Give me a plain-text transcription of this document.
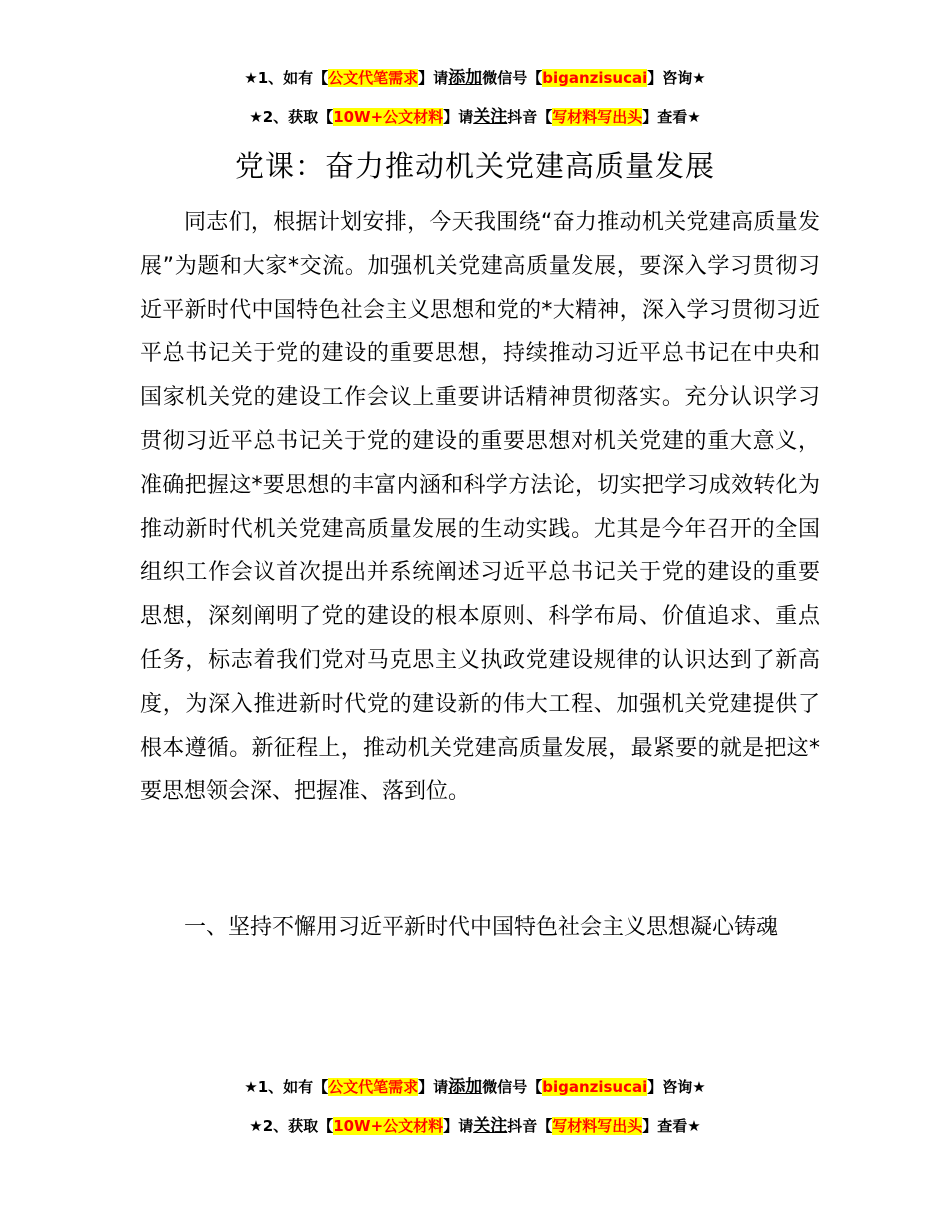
★1、如有【公文代笔需求】请添加微信号【biganzisucai】咨询★
★2、获取【10W+公文材料】请关注抖音【写材料写出头】查看★
党课：奋力推动机关党建高质量发展

同志们，根据计划安排，今天我围绕“奋力推动机关党建高质量发展”为题和大家*交流。加强机关党建高质量发展，要深入学习贯彻习近平新时代中国特色社会主义思想和党的*大精神，深入学习贯彻习近平总书记关于党的建设的重要思想，持续推动习近平总书记在中央和国家机关党的建设工作会议上重要讲话精神贯彻落实。充分认识学习贯彻习近平总书记关于党的建设的重要思想对机关党建的重大意义，准确把握这*要思想的丰富内涵和科学方法论，切实把学习成效转化为推动新时代机关党建高质量发展的生动实践。尤其是今年召开的全国组织工作会议首次提出并系统阐述习近平总书记关于党的建设的重要思想，深刻阐明了党的建设的根本原则、科学布局、价值追求、重点任务，标志着我们党对马克思主义执政党建设规律的认识达到了新高度，为深入推进新时代党的建设新的伟大工程、加强机关党建提供了根本遵循。新征程上，推动机关党建高质量发展，最紧要的就是把这*要思想领会深、把握准、落到位。

一、坚持不懈用习近平新时代中国特色社会主义思想凝心铸魂

★1、如有【公文代笔需求】请添加微信号【biganzisucai】咨询★
★2、获取【10W+公文材料】请关注抖音【写材料写出头】查看★
